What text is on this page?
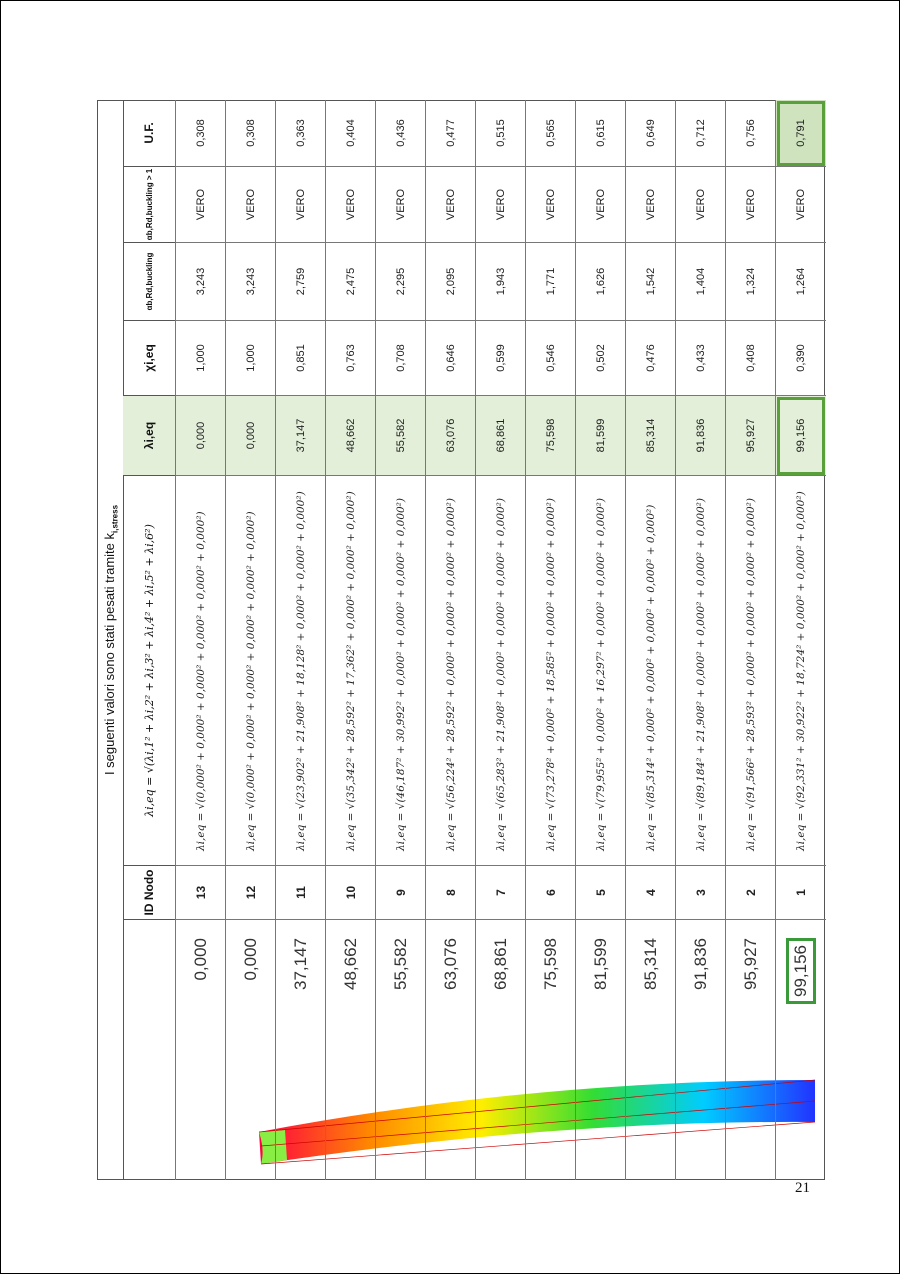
I seguenti valori sono stati pesati tramite $k_{i,stress}$
ID Nodo
λi,eq = √(λi,1² + λi,2² + λi,3² + λi,4² + λi,5² + λi,6²)
λi,eq
χi,eq
αb,Rd,buckling
αb,Rd,buckling > 1
U.F.
0,000
13
λi,eq = √(0,000² + 0,000² + 0,000² + 0,000² + 0,000² + 0,000²)
0,000
1,000
3,243
VERO
0,308
0,000
12
λi,eq = √(0,000² + 0,000² + 0,000² + 0,000² + 0,000² + 0,000²)
0,000
1,000
3,243
VERO
0,308
37,147
11
λi,eq = √(23,902² + 21,908² + 18,128² + 0,000² + 0,000² + 0,000²)
37,147
0,851
2,759
VERO
0,363
48,662
10
λi,eq = √(35,342² + 28,592² + 17,362² + 0,000² + 0,000² + 0,000²)
48,662
0,763
2,475
VERO
0,404
55,582
9
λi,eq = √(46,187² + 30,992² + 0,000² + 0,000² + 0,000² + 0,000²)
55,582
0,708
2,295
VERO
0,436
63,076
8
λi,eq = √(56,224² + 28,592² + 0,000² + 0,000² + 0,000² + 0,000²)
63,076
0,646
2,095
VERO
0,477
68,861
7
λi,eq = √(65,283² + 21,908² + 0,000² + 0,000² + 0,000² + 0,000²)
68,861
0,599
1,943
VERO
0,515
75,598
6
λi,eq = √(73,278² + 0,000² + 18,585² + 0,000² + 0,000² + 0,000²)
75,598
0,546
1,771
VERO
0,565
81,599
5
λi,eq = √(79,955² + 0,000² + 16,297² + 0,000² + 0,000² + 0,000²)
81,599
0,502
1,626
VERO
0,615
85,314
4
λi,eq = √(85,314² + 0,000² + 0,000² + 0,000² + 0,000² + 0,000²)
85,314
0,476
1,542
VERO
0,649
91,836
3
λi,eq = √(89,184² + 21,908² + 0,000² + 0,000² + 0,000² + 0,000²)
91,836
0,433
1,404
VERO
0,712
95,927
2
λi,eq = √(91,566² + 28,593² + 0,000² + 0,000² + 0,000² + 0,000²)
95,927
0,408
1,324
VERO
0,756
99,156
1
λi,eq = √(92,331² + 30,922² + 18,724² + 0,000² + 0,000² + 0,000²)
99,156
0,390
1,264
VERO
0,791
21
